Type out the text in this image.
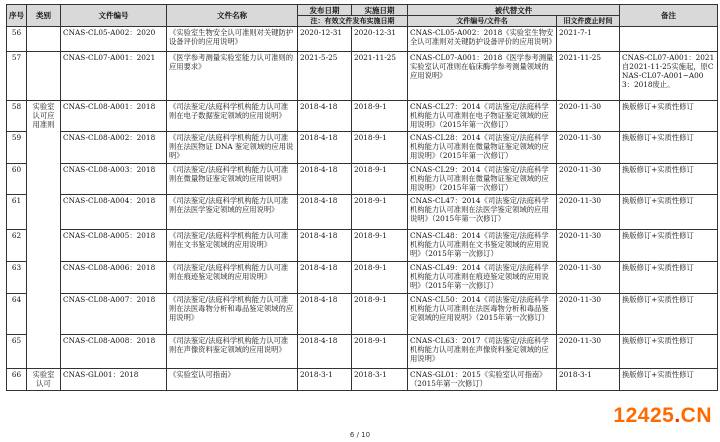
序号	类别	文件编号	文件名称	发布日期	实施日期	被代替文件		备注
				注：有效文件发布实施日期		文件编号/文件名	旧文件废止时间	
56		CNAS-CL05-A002：2020	《实验室生物安全认可准则对关键防护设备评价的应用说明》	2020-12-31	2020-12-31	CNAS-CL05-A002：2018《实验室生物安全认可准则对关键防护设备评价的应用说明》	2021-7-1	
57		CNAS-CL07-A001：2021	《医学参考测量实验室能力认可准则的应用要求》	2021-5-25	2021-11-25	CNAS-CL07-A001：2018《医学参考测量实验室认可准则在临床酶学参考测量领域的应用说明》	2021-11-25	CNAS-CL07-A001：2021自2021-11-25实施起，原CNAS-CL07-A001~A003：2018废止。
58	实验室认可应用准则	CNAS-CL08-A001：2018	《司法鉴定/法庭科学机构能力认可准则在电子数据鉴定领域的应用说明》	2018-4-18	2018-9-1	CNAS-CL27：2014《司法鉴定/法庭科学机构能力认可准则在电子物证鉴定领域的应用说明》（2015年第一次修订）	2020-11-30	换版修订+实质性修订
59		CNAS-CL08-A002：2018	《司法鉴定/法庭科学机构能力认可准则在法医物证 DNA 鉴定领域的应用说明》	2018-4-18	2018-9-1	CNAS-CL28：2014《司法鉴定/法庭科学机构能力认可准则在微量物证鉴定领域的应用说明》（2015年第一次修订）	2020-11-30	换版修订+实质性修订
60		CNAS-CL08-A003：2018	《司法鉴定/法庭科学机构能力认可准则在微量物证鉴定领域的应用说明》	2018-4-18	2018-9-1	CNAS-CL29：2014《司法鉴定/法庭科学机构能力认可准则在微量物证鉴定领域的应用说明》（2015年第一次修订）	2020-11-30	换版修订+实质性修订
61		CNAS-CL08-A004：2018	《司法鉴定/法庭科学机构能力认可准则在法医学鉴定领域的应用说明》	2018-4-18	2018-9-1	CNAS-CL47：2014《司法鉴定/法庭科学机构能力认可准则在法医学鉴定领域的应用说明》（2015年第一次修订）	2020-11-30	换版修订+实质性修订
62		CNAS-CL08-A005：2018	《司法鉴定/法庭科学机构能力认可准则在文书鉴定领域的应用说明》	2018-4-18	2018-9-1	CNAS-CL48：2014《司法鉴定/法庭科学机构能力认可准则在文书鉴定领域的应用说明》（2015年第一次修订）	2020-11-30	换版修订+实质性修订
63		CNAS-CL08-A006：2018	《司法鉴定/法庭科学机构能力认可准则在痕迹鉴定领域的应用说明》	2018-4-18	2018-9-1	CNAS-CL49：2014《司法鉴定/法庭科学机构能力认可准则在痕迹鉴定领域的应用说明》（2015年第一次修订）	2020-11-30	换版修订+实质性修订
64		CNAS-CL08-A007：2018	《司法鉴定/法庭科学机构能力认可准则在法医毒物分析和毒品鉴定领域的应用说明》	2018-4-18	2018-9-1	CNAS-CL50：2014《司法鉴定/法庭科学机构能力认可准则在法医毒物分析和毒品鉴定领域的应用说明》（2015年第一次修订）	2020-11-30	换版修订+实质性修订
65		CNAS-CL08-A008：2018	《司法鉴定/法庭科学机构能力认可准则在声像资料鉴定领域的应用说明》	2018-4-18	2018-9-1	CNAS-CL63：2017《司法鉴定/法庭科学机构能力认可准则在声像资料鉴定领域的应用说明》	2020-11-30	换版修订+实质性修订
66	实验室认可	CNAS-GL001：2018	《实验室认可指南》	2018-3-1	2018-3-1	CNAS-GL01：2015《实验室认可指南》（2015年第一次修订）	2018-3-1	换版修订+实质性修订
12425.CN
6 / 10
